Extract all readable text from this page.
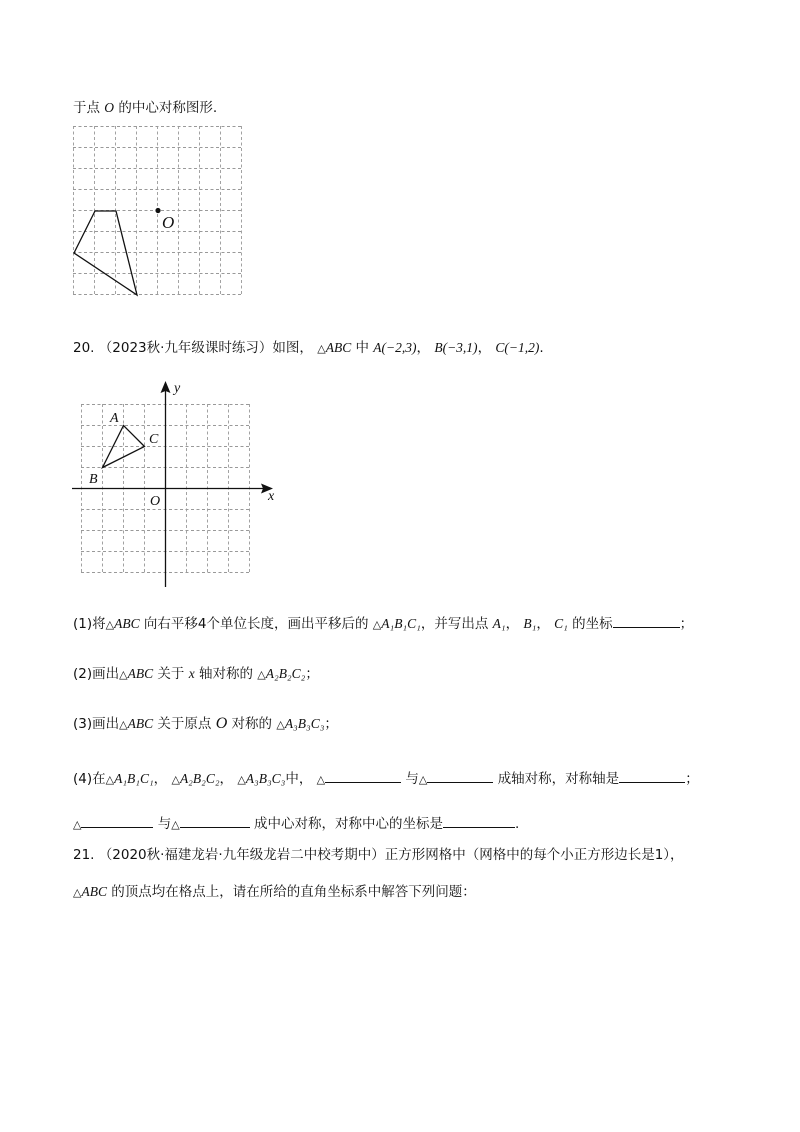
于点 O 的中心对称图形.
O
20. （2023秋·九年级课时练习）如图， △ABC 中 A(−2,3)， B(−3,1)， C(−1,2).
A
B
C
O	x
y
(1)将△ABC 向右平移4个单位长度，画出平移后的 △A₁B₁C₁，并写出点 A₁， B₁， C₁ 的坐标	；
(2)画出△ABC 关于 x 轴对称的 △A₂B₂C₂；
(3)画出△ABC 关于原点 O 对称的 △A₃B₃C₃；
(4)在△A₁B₁C₁， △A₂B₂C₂， △A₃B₃C₃中， △	与△	成轴对称，对称轴是	；
△	与△	成中心对称，对称中心的坐标是	.
21. （2020秋·福建龙岩·九年级龙岩二中校考期中）正方形网格中（网格中的每个小正方形边长是1），
△ABC 的顶点均在格点上，请在所给的直角坐标系中解答下列问题：
